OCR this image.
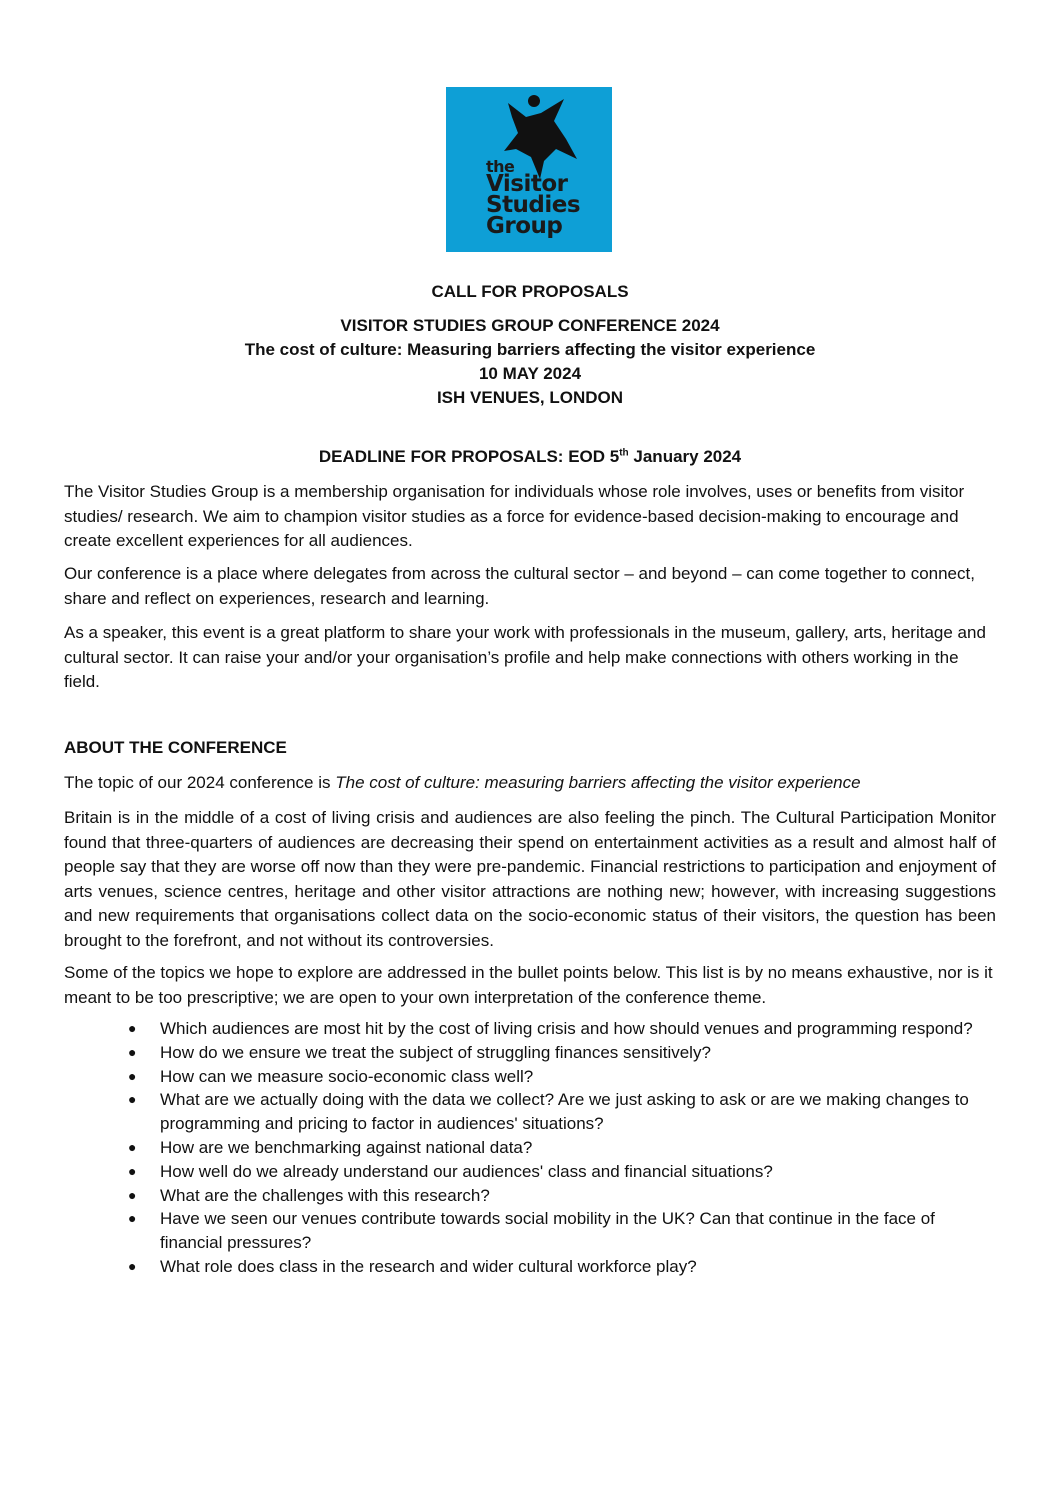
the
Visitor
Studies
Group
CALL FOR PROPOSALS
VISITOR STUDIES GROUP CONFERENCE 2024
The cost of culture: Measuring barriers affecting the visitor experience
10 MAY 2024
ISH VENUES, LONDON
DEADLINE FOR PROPOSALS: EOD 5th January 2024

The Visitor Studies Group is a membership organisation for individuals whose role involves, uses or benefits from visitor studies/ research. We aim to champion visitor studies as a force for evidence-based decision-making to encourage and create excellent experiences for all audiences.

Our conference is a place where delegates from across the cultural sector – and beyond – can come together to connect, share and reflect on experiences, research and learning.

As a speaker, this event is a great platform to share your work with professionals in the museum, gallery, arts, heritage and cultural sector. It can raise your and/or your organisation’s profile and help make connections with others working in the field.

ABOUT THE CONFERENCE

The topic of our 2024 conference is The cost of culture: measuring barriers affecting the visitor experience

Britain is in the middle of a cost of living crisis and audiences are also feeling the pinch. The Cultural Participation Monitor found that three-quarters of audiences are decreasing their spend on entertainment activities as a result and almost half of people say that they are worse off now than they were pre-pandemic. Financial restrictions to participation and enjoyment of arts venues, science centres, heritage and other visitor attractions are nothing new; however, with increasing suggestions and new requirements that organisations collect data on the socio-economic status of their visitors, the question has been brought to the forefront, and not without its controversies.

Some of the topics we hope to explore are addressed in the bullet points below. This list is by no means exhaustive, nor is it meant to be too prescriptive; we are open to your own interpretation of the conference theme.

● Which audiences are most hit by the cost of living crisis and how should venues and programming respond?
● How do we ensure we treat the subject of struggling finances sensitively?
● How can we measure socio-economic class well?
● What are we actually doing with the data we collect? Are we just asking to ask or are we making changes to programming and pricing to factor in audiences' situations?
● How are we benchmarking against national data?
● How well do we already understand our audiences' class and financial situations?
● What are the challenges with this research?
● Have we seen our venues contribute towards social mobility in the UK? Can that continue in the face of financial pressures?
● What role does class in the research and wider cultural workforce play?
